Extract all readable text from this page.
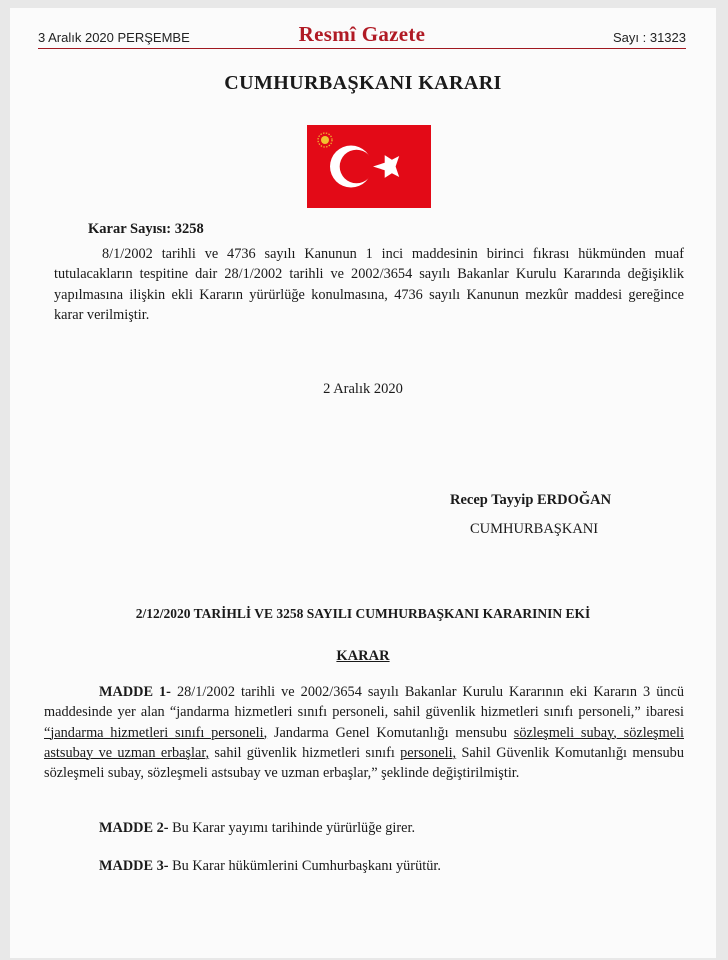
3 Aralık 2020 PERŞEMBE	Resmî Gazete	Sayı : 31323
CUMHURBAŞKANI KARARI
Karar Sayısı: 3258

8/1/2002 tarihli ve 4736 sayılı Kanunun 1 inci maddesinin birinci fıkrası hükmünden muaf tutulacakların tespitine dair 28/1/2002 tarihli ve 2002/3654 sayılı Bakanlar Kurulu Kararında değişiklik yapılmasına ilişkin ekli Kararın yürürlüğe konulmasına, 4736 sayılı Kanunun mezkûr maddesi gereğince karar verilmiştir.

2 Aralık 2020
Recep Tayyip ERDOĞAN
CUMHURBAŞKANI
2/12/2020 TARİHLİ VE 3258 SAYILI CUMHURBAŞKANI KARARININ EKİ
KARAR

MADDE 1- 28/1/2002 tarihli ve 2002/3654 sayılı Bakanlar Kurulu Kararının eki Kararın 3 üncü maddesinde yer alan “jandarma hizmetleri sınıfı personeli, sahil güvenlik hizmetleri sınıfı personeli,” ibaresi “jandarma hizmetleri sınıfı personeli, Jandarma Genel Komutanlığı mensubu sözleşmeli subay, sözleşmeli astsubay ve uzman erbaşlar, sahil güvenlik hizmetleri sınıfı personeli, Sahil Güvenlik Komutanlığı mensubu sözleşmeli subay, sözleşmeli astsubay ve uzman erbaşlar,” şeklinde değiştirilmiştir.

MADDE 2- Bu Karar yayımı tarihinde yürürlüğe girer.
MADDE 3- Bu Karar hükümlerini Cumhurbaşkanı yürütür.
